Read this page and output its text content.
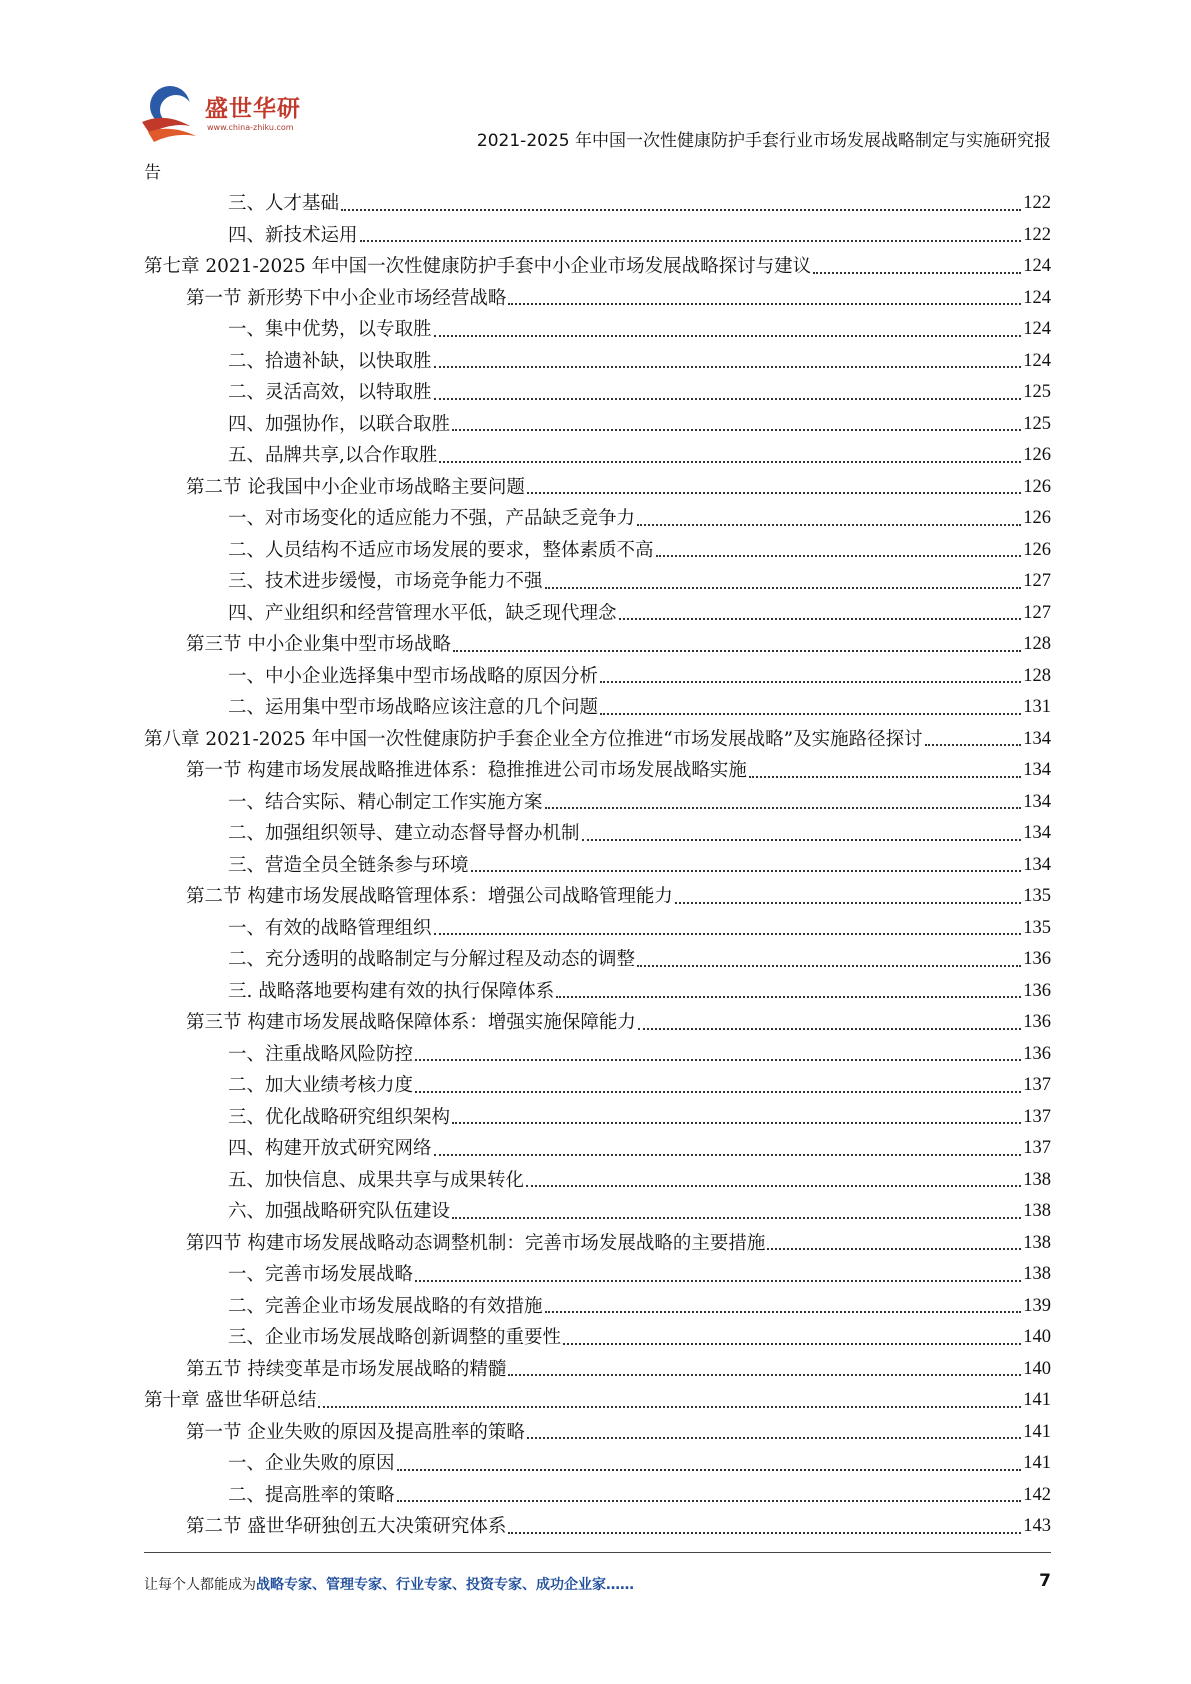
盛世华研
www.china-zhiku.com
2021-2025 年中国一次性健康防护手套行业市场发展战略制定与实施研究报
告
三、人才基础	122
四、新技术运用	122
第七章 2021-2025 年中国一次性健康防护手套中小企业市场发展战略探讨与建议	124
第一节 新形势下中小企业市场经营战略	124
一、集中优势，以专取胜	124
二、拾遗补缺，以快取胜	124
二、灵活高效，以特取胜	125
四、加强协作，以联合取胜	125
五、品牌共享,以合作取胜	126
第二节 论我国中小企业市场战略主要问题	126
一、对市场变化的适应能力不强，产品缺乏竞争力	126
二、人员结构不适应市场发展的要求，整体素质不高	126
三、技术进步缓慢，市场竞争能力不强	127
四、产业组织和经营管理水平低，缺乏现代理念	127
第三节 中小企业集中型市场战略	128
一、中小企业选择集中型市场战略的原因分析	128
二、运用集中型市场战略应该注意的几个问题	131
第八章 2021-2025 年中国一次性健康防护手套企业全方位推进“市场发展战略”及实施路径探讨	134
第一节 构建市场发展战略推进体系：稳推推进公司市场发展战略实施	134
一、结合实际、精心制定工作实施方案	134
二、加强组织领导、建立动态督导督办机制	134
三、营造全员全链条参与环境	134
第二节 构建市场发展战略管理体系：增强公司战略管理能力	135
一、有效的战略管理组织	135
二、充分透明的战略制定与分解过程及动态的调整	136
三. 战略落地要构建有效的执行保障体系	136
第三节 构建市场发展战略保障体系：增强实施保障能力	136
一、注重战略风险防控	136
二、加大业绩考核力度	137
三、优化战略研究组织架构	137
四、构建开放式研究网络	137
五、加快信息、成果共享与成果转化	138
六、加强战略研究队伍建设	138
第四节 构建市场发展战略动态调整机制：完善市场发展战略的主要措施	138
一、完善市场发展战略	138
二、完善企业市场发展战略的有效措施	139
三、企业市场发展战略创新调整的重要性	140
第五节 持续变革是市场发展战略的精髓	140
第十章 盛世华研总结	141
第一节 企业失败的原因及提高胜率的策略	141
一、企业失败的原因	141
二、提高胜率的策略	142
第二节 盛世华研独创五大决策研究体系	143
让每个人都能成为战略专家、管理专家、行业专家、投资专家、成功企业家……	7
